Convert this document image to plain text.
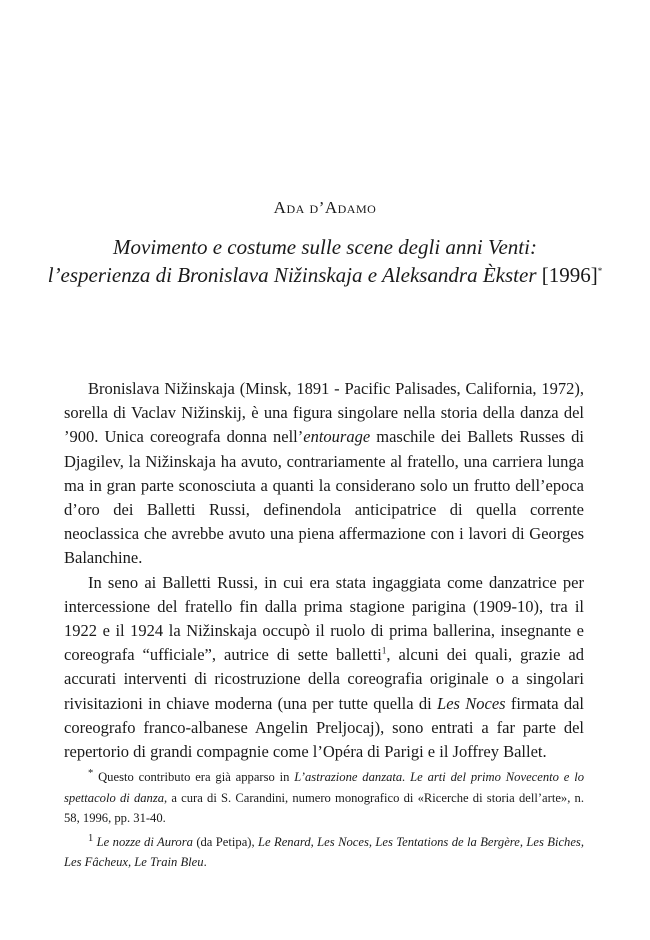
Ada d’Adamo
Movimento e costume sulle scene degli anni Venti:
l’esperienza di Bronislava Nižinskaja e Aleksandra Èkster [1996]*

Bronislava Nižinskaja (Minsk, 1891 - Pacific Palisades, California, 1972), sorella di Vaclav Nižinskij, è una figura singolare nella storia della danza del ’900. Unica coreografa donna nell’entourage maschile dei Ballets Russes di Djagilev, la Nižinskaja ha avuto, contrariamente al fratello, una carriera lunga ma in gran parte sconosciuta a quanti la considerano solo un frutto dell’epoca d’oro dei Balletti Russi, definendola anticipatrice di quella corrente neoclassica che avrebbe avuto una piena affermazione con i lavori di Georges Balanchine.

In seno ai Balletti Russi, in cui era stata ingaggiata come danzatrice per intercessione del fratello fin dalla prima stagione parigina (1909-10), tra il 1922 e il 1924 la Nižinskaja occupò il ruolo di prima ballerina, insegnante e coreografa “ufficiale”, autrice di sette balletti$^1$, alcuni dei quali, grazie ad accurati interventi di ricostruzione della coreografia originale o a singolari rivisitazioni in chiave moderna (una per tutte quella di Les Noces firmata dal coreografo franco-albanese Angelin Preljocaj), sono entrati a far parte del repertorio di grandi compagnie come l’Opéra di Parigi e il Joffrey Ballet.

* Questo contributo era già apparso in L’astrazione danzata. Le arti del primo Novecento e lo spettacolo di danza, a cura di S. Carandini, numero monografico di «Ricerche di storia dell’arte», n. 58, 1996, pp. 31-40.

$^1$ Le nozze di Aurora (da Petipa), Le Renard, Les Noces, Les Tentations de la Bergère, Les Biches, Les Fâcheux, Le Train Bleu.
